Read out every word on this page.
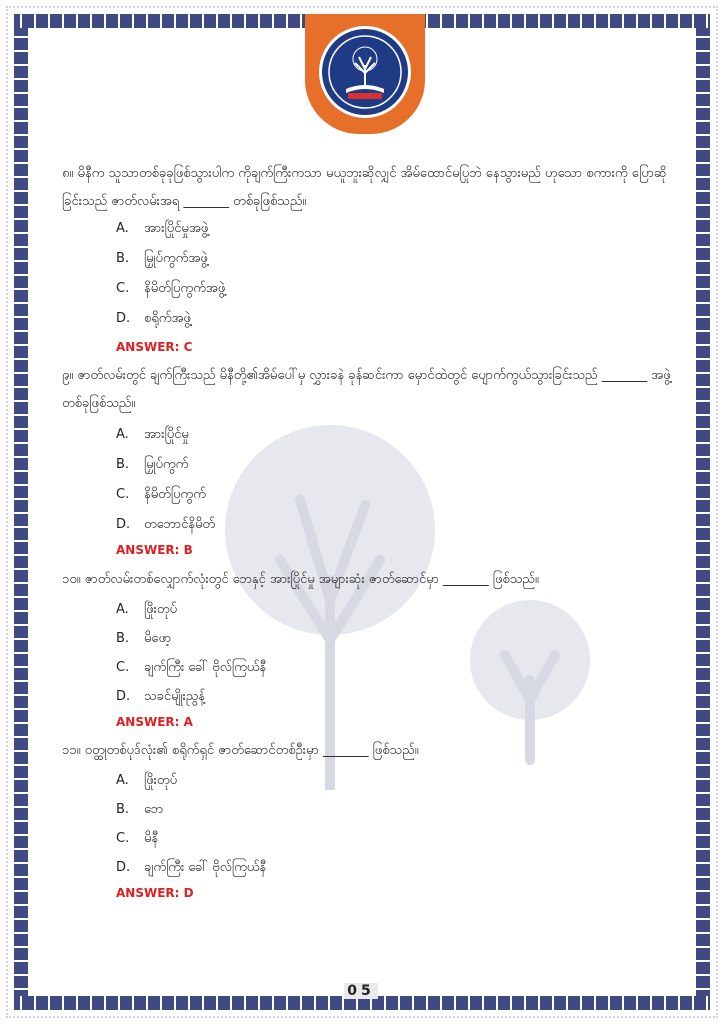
၈။ မိနီက သူသာတစ်ခုခုဖြစ်သွားပါက ကိုချက်ကြီးကသာ မယူဘူးဆိုလျှင် အိမ်ထောင်မပြုဘဲ နေသွားမည် ဟုသော စကားကို ပြောဆိုခြင်းသည် ဇာတ်လမ်းအရ _______ တစ်ခုဖြစ်သည်။
A. အားပြိုင်မှုအဖွဲ့
B. မြှုပ်ကွက်အဖွဲ့
C. နိမိတ်ပြကွက်အဖွဲ့
D. စရိုက်အဖွဲ့
ANSWER: C
၉။ ဇာတ်လမ်းတွင် ချက်ကြီးသည် မိနီတို့၏အိမ်ပေါ်မှ လွှားခနဲ ခုန်ဆင်းကာ မှောင်ထဲတွင် ပျောက်ကွယ်သွားခြင်းသည် _______ အဖွဲ့တစ်ခုဖြစ်သည်။
A. အားပြိုင်မှု
B. မြှုပ်ကွက်
C. နိမိတ်ပြကွက်
D. တဘောင်နိမိတ်
ANSWER: B
၁၀။ ဇာတ်လမ်းတစ်လျှောက်လုံးတွင် ဘေနှင့် အားပြိုင်မှု အများဆုံး ဇာတ်ဆောင်မှာ _______ ဖြစ်သည်။
A. ဖြိုးတုပ်
B. မိဖော့
C. ချက်ကြီး ခေါ် ဗိုလ်ကြယ်နီ
D. သခင်မျိုးညွန့်
ANSWER: A
၁၁။ ဝတ္ထုတစ်ပုဒ်လုံး၏ စရိုက်ရှင် ဇာတ်ဆောင်တစ်ဦးမှာ _______ ဖြစ်သည်။
A. ဖြိုးတုပ်
B. ဘေ
C. မိနီ
D. ချက်ကြီး ခေါ် ဗိုလ်ကြယ်နီ
ANSWER: D
05
